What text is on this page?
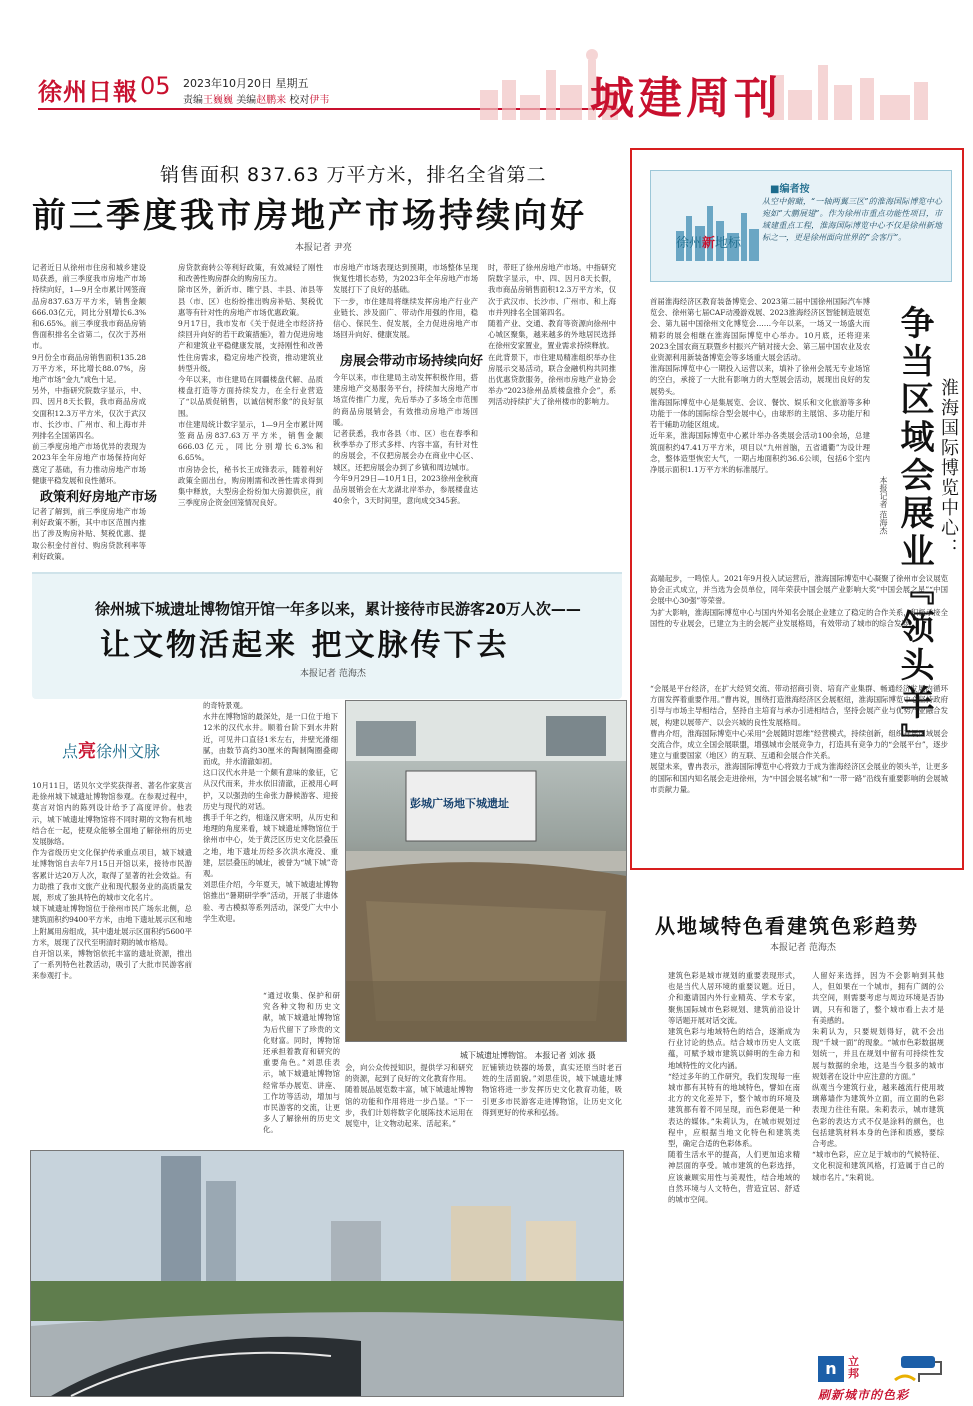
徐州日報 05 2023年10月20日 星期五
责编王巍巍 美编赵鹏来 校对伊韦	城建周刊
销售面积 837.63 万平方米，排名全省第二
前三季度我市房地产市场持续向好
本报记者 尹亮
记者近日从徐州市住房和城乡建设局获悉，前三季度我市房地产市场持续向好，1—9月全市累计网签商品房837.63万平方米，销售金额666.03亿元，同比分别增长6.3%和6.65%。前三季度我市商品房销售面积排名全省第二，仅次于苏州市。
9月份全市商品房销售面积135.28万平方米，环比增长88.07%，房地产市场“金九”成色十足。
另外，中指研究院数字显示，中、四、因月8天长假，我市商品房成交面积12.3万平方米，仅次于武汉市、长沙市、广州市、和上海市并列排名全国第四名。
前三季度房地产市场优异的表现为2023年全年房地产市场保持向好奠定了基础，有力推动房地产市场健康平稳发展和良性循环。
政策利好房地产市场
记者了解到，前三季度房地产市场利好政策不断，其中市区范围内推出了涉及购房补贴、契税优惠、提取公积金付首付、购房贷款利率等利好政策。
房贷款商转公等利好政策，有效减轻了刚性和改善性购房群众的购房压力。
除市区外，新沂市、睢宁县、丰县、沛县等县（市、区）也纷纷推出购房补贴、契税优惠等有针对性的房地产市场优惠政策。
9月17日，我市发布《关于促进全市经济持续回升向好的若干政策措施》，着力促进房地产和建筑业平稳健康发展，支持刚性和改善性住房需求，稳定房地产投资，推动建筑业转型升级。
今年以来，市住建局在同疆楼盘代解、品质楼盘打造等方面持续发力，在全行业营造了“以品质促销售，以诚信树形象”的良好氛围。
市住建局统计数字显示，1—9月全市累计网签商品房837.63万平方米，销售金额666.03亿元，同比分别增长6.3%和6.65%。
市房协会长，秘书长王成锋表示，随着利好政策全面出台，购房刚需和改善性需求得到集中释放，大型房企纷纷加大房源供应，前三季度房企资金回笼情况良好。
市房地产市场表现达到预期，市场整体呈现恢复性增长态势，为2023年全年房地产市场发展打下了良好的基础。
下一步，市住建局将继续发挥房地产行业产业链长、涉及面广、带动作用强的作用，稳信心、保民生、促发展，全力促进房地产市场回升向好、健康发展。
房展会带动市场持续向好
今年以来，市住建局主动发挥积极作用，搭建房地产交易服务平台，持续加大房地产市场宣传推广力度，先后举办了多场全市范围的商品房展销会，有效推动房地产市场回暖。
记者获悉，我市各县（市、区）也在春季和秋季举办了形式多样、内容丰富，有针对性的房展会，不仅把房展会办在商业中心区、城区，还把房展会办到了乡镇和周边城市。
今年9月29日—10月1日，2023徐州金秋商品房展销会在大龙湖北岸举办，参展楼盘达40余个，3天时间里，意向成交345套。
时，带旺了徐州房地产市场。中指研究院数字显示，中、四、因月8天长假，我市商品房销售面积12.3万平方米，仅次于武汉市、长沙市、广州市、和上海市并列排名全国第四名。
随着产业、交通、教育等资源向徐州中心城区聚集，越来越多的外地居民选择在徐州安家置业，置业需求持续释放。
在此背景下，市住建局精准组织举办住房展示交易活动，联合金融机构共同推出优惠贷款服务，徐州市房地产业协会举办“2023徐州品质楼盘推介会”，系列活动持续扩大了徐州楼市的影响力。
徐州城下城遗址博物馆开馆一年多以来，累计接待市民游客20万人次——
让文物活起来 把文脉传下去
本报记者 范海杰
点亮徐州文脉
10月11日，诺贝尔文学奖获得者、著名作家莫言赴徐州城下城遗址博物馆参观。在参观过程中，莫言对馆内的陈列设计给予了高度评价。他表示，城下城遗址博物馆将不同时期的文物有机地结合在一起，使观众能够全面地了解徐州的历史发展脉络。
作为省级历史文化保护传承重点项目，城下城遗址博物馆自去年7月15日开馆以来，接待市民游客累计达20万人次，取得了显著的社会效益。有力助推了我市文旅产业和现代服务业的高质量发展，形成了独具特色的城市文化名片。
城下城遗址博物馆位于徐州市民广场东北侧，总建筑面积约9400平方米，由地下遗址展示区和地上附属用房组成，其中遗址展示区面积约5600平方米，展现了汉代至明清时期的城市格局。
自开馆以来，博物馆依托丰富的遗址资源，推出了一系列特色社教活动，吸引了大批市民游客前来参观打卡。
的奇特景观。
水井在博物馆的最深处，是一口位于地下12米的汉代水井。顺着台阶下到水井附近，可见井口直径1米左右，井壁光滑细腻，由数节高约30厘米的陶制陶圈叠砌而成，井水清澈如初。
这口汉代水井是一个颇有意味的象征，它从汉代而来，井水依旧清澈，正被用心呵护，又以强劲的生命张力静候游客、迎接历史与现代的对话。
携手千年之约，相逢汉唐宋明，从历史和地理的角度来看，城下城遗址博物馆位于徐州市中心，处于黄泛区历史文化层叠压之地，地下遗址历经多次洪水淹没、重建，层层叠压的城址，被誉为“城下城”奇观。
刘思佳介绍，今年夏天，城下城遗址博物馆推出“暑期研学季”活动，开展了非遗体验、考古模拟等系列活动，深受广大中小学生欢迎。
“通过收集、保护和研究各种文物和历史文献，城下城遗址博物馆为后代留下了珍贵的文化财富。同时，博物馆还承担着教育和研究的重要角色。”刘思佳表示，城下城遗址博物馆经常举办展览、讲座、工作坊等活动，增加与市民游客的交流，让更多人了解徐州的历史文化。
彭城广场地下城遗址
城下城遗址博物馆。 本报记者 刘冰 摄
会，向公众传授知识，提供学习和研究的资源，起到了良好的文化教育作用。
随着展品展览数丰富，城下城遗址博物馆的功能和作用将进一步凸显。“下一步，我们计划将数字化展陈技术运用在展览中，让文物动起来、活起来。”
匠铺锁边铁器的场景，真实还原当时老百姓的生活面貌。”刘思佳说，城下城遗址博物馆将进一步发挥历史文化教育功能，吸引更多市民游客走进博物馆，让历史文化得到更好的传承和弘扬。
■编者按
从空中俯瞰，“一轴两翼三区”的淮海国际博览中心宛如“大鹏展翅”。作为徐州市重点功能性项目，市域建重点工程，淮海国际博览中心不仅是徐州新地标之一，更是徐州面向世界的“会客厅”。
徐州新地标
争当区域会展业『领头羊』 淮海国际博览中心：
本报记者 范海杰
首届淮海经济区教育装备博览会、2023第二届中国徐州国际汽车博览会、徐州第七届CAF动漫游戏展、2023淮海经济区智能制造展览会、第九届中国徐州文化博览会……今年以来，一场又一场盛大而精彩的展会相继在淮海国际博览中心举办。10月底，还将迎来2023全国农商互联暨乡村振兴产销对接大会、第三届中国农业及农业资源利用新装备博览会等多场重大展会活动。
淮海国际博览中心一期投入运营以来，填补了徐州会展无专业场馆的空白，承接了一大批有影响力的大型展会活动，展现出良好的发展势头。
淮海国际博览中心是集展览、会议、餐饮、娱乐和文化旅游等多种功能于一体的国际综合型会展中心，由球形的主展馆、多功能厅和若干辅助功能区组成。
近年来，淮海国际博览中心累计举办各类展会活动100余场，总建筑面积约47.41万平方米，项目以“九州首脑，五省通衢”为设计理念，整体造型恢宏大气，一期占地面积约36.6公顷，包括6个室内净展示面积1.1万平方米的标准展厅。
高端起步，一鸣惊人。2021年9月投入试运营后，淮海国际博览中心凝聚了徐州市会议展览协会正式成立，并当选为会员单位，同年荣获中国会展产业影响大奖“中国会展之星”“中国会展中心30强”等荣誉。
为扩大影响，淮海国际博览中心与国内外知名会展企业建立了稳定的合作关系，积极承接全国性的专业展会，已建立为主的会展产业发展格局，有效带动了城市的综合发展。
“会展是平台经济，在扩大经贸交流、带动招商引资、培育产业集群、畅通经济发展内循环方面发挥着重要作用。”曹冉说，围绕打造淮海经济区会展枢纽，淮海国际博览中心坚持政府引导与市场主导相结合，坚持自主培育与承办引进相结合，坚持会展产业与优势产业融合发展，构建以展带产、以会兴城的良性发展格局。
曹冉介绍，淮海国际博览中心采用“会展随时思维”经营模式，持续创新，组织开展区域展会交流合作，成立全国会展联盟，增强城市会展竞争力，打造具有竞争力的“会展平台”，逐步建立与重要国家（地区）的互联、互通和会展合作关系。
展望未来，曹冉表示，淮海国际博览中心将致力于成为淮海经济区会展业的领头羊，让更多的国际和国内知名展会走进徐州，为“中国会展名城”和“一带一路”沿线有重要影响的会展城市贡献力量。
从地域特色看建筑色彩趋势
本报记者 范海杰
建筑色彩是城市规划的重要表现形式，也是当代人居环境的重要议题。近日，介和邀请国内外行业精英、学术专家，聚焦国际城市色彩规划、建筑前沿设计等话题开展对话交流。
建筑色彩与地域特色的结合，逐渐成为行业讨论的热点。结合城市历史人文底蕴，可赋予城市建筑以鲜明的生命力和地域特性的文化内涵。
“经过多年的工作研究，我们发现每一座城市都有其特有的地域特色，譬如在南北方的文化差异下，整个城市的环境及建筑都有着不同呈现，而色彩便是一种表达的媒体。”朱莉认为，在城市规划过程中，应根据当地文化特色和建筑类型，确定合适的色彩体系。
随着生活水平的提高，人们更加追求精神层面的享受。城市建筑的色彩选择，应该兼顾实用性与美观性，结合地域的自然环境与人文特色，营造宜居、舒适的城市空间。
人留好来选择，因为不会影响到其他人，但如果在一个城市，拥有广阔的公共空间，则需要考虑与周边环境是否协调，只有和谐了，整个城市看上去才是有美感的。
朱莉认为，只要规划得好，就不会出现“千城一面”的现象。“城市色彩数据规划统一，并且在规划中留有可持续性发展与数据的余地，这是当今很多的城市规划者在设计中应注意的方面。”
纵观当今建筑行业，越来越流行使用玻璃幕墙作为建筑外立面，而立面的色彩表现力往往有限。朱莉表示，城市建筑色彩的表达方式不仅是涂料的颜色，也包括建筑材料本身的色泽和质感，要综合考虑。
“城市色彩，应立足于城市的气候特征、文化积淀和建筑风格，打造属于自己的城市名片。”朱莉说。
n	立邦
刷新城市的色彩
